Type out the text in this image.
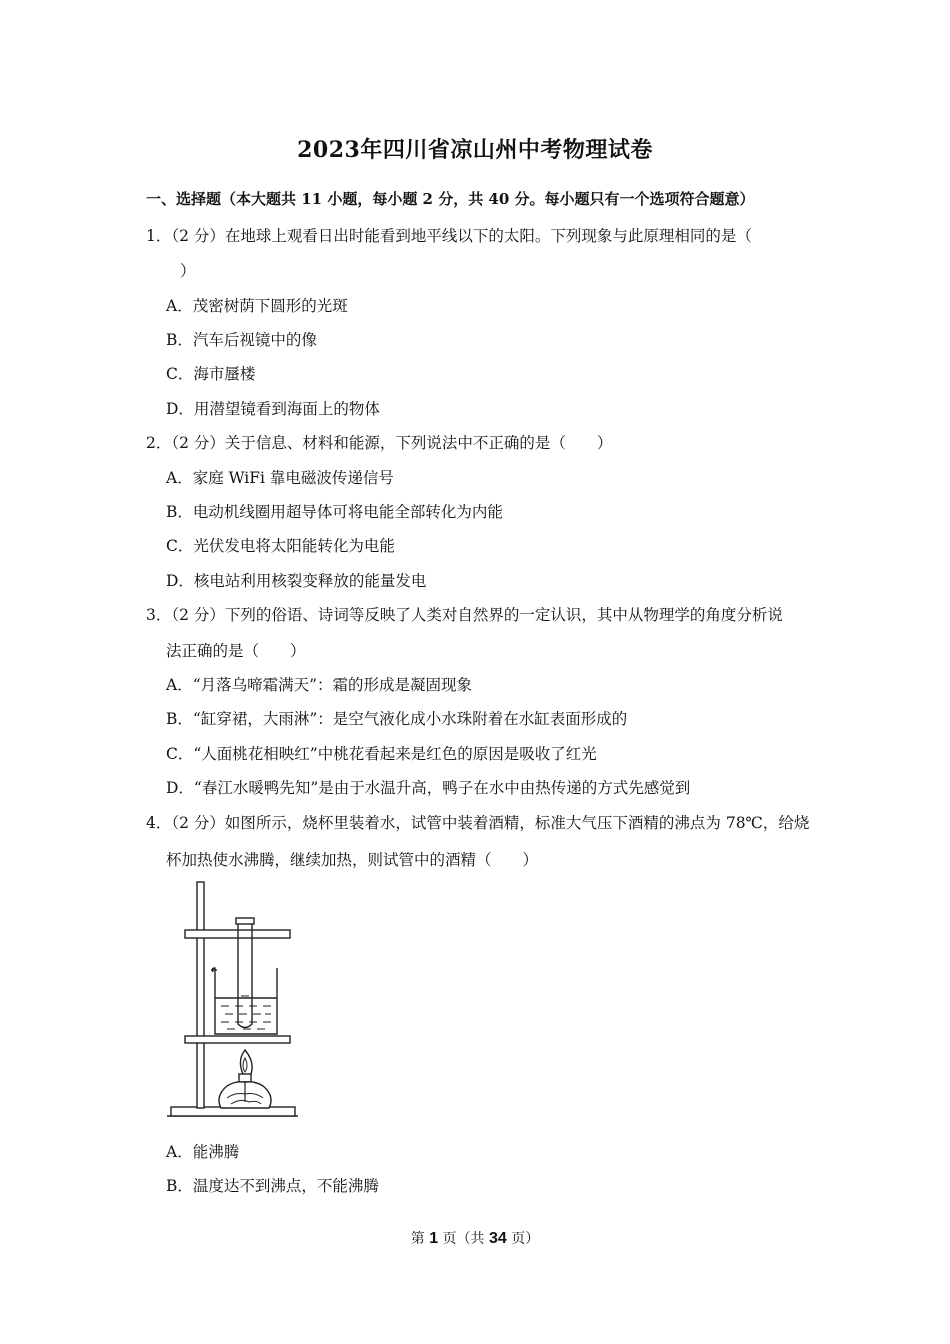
2023年四川省凉山州中考物理试卷
一、选择题（本大题共 11 小题，每小题 2 分，共 40 分。每小题只有一个选项符合题意）
1．（2 分）在地球上观看日出时能看到地平线以下的太阳。下列现象与此原理相同的是（
）
A．茂密树荫下圆形的光斑
B．汽车后视镜中的像
C．海市蜃楼
D．用潜望镜看到海面上的物体
2．（2 分）关于信息、材料和能源，下列说法中不正确的是（　　）
A．家庭 WiFi 靠电磁波传递信号
B．电动机线圈用超导体可将电能全部转化为内能
C．光伏发电将太阳能转化为电能
D．核电站利用核裂变释放的能量发电
3．（2 分）下列的俗语、诗词等反映了人类对自然界的一定认识，其中从物理学的角度分析说
法正确的是（　　）
A．“月落乌啼霜满天”：霜的形成是凝固现象
B．“缸穿裙，大雨淋”：是空气液化成小水珠附着在水缸表面形成的
C．“人面桃花相映红”中桃花看起来是红色的原因是吸收了红光
D．“春江水暖鸭先知”是由于水温升高，鸭子在水中由热传递的方式先感觉到
4．（2 分）如图所示，烧杯里装着水，试管中装着酒精，标准大气压下酒精的沸点为 78℃，给烧
杯加热使水沸腾，继续加热，则试管中的酒精（　　）
A．能沸腾
B．温度达不到沸点，不能沸腾
第 1 页（共 34 页）
